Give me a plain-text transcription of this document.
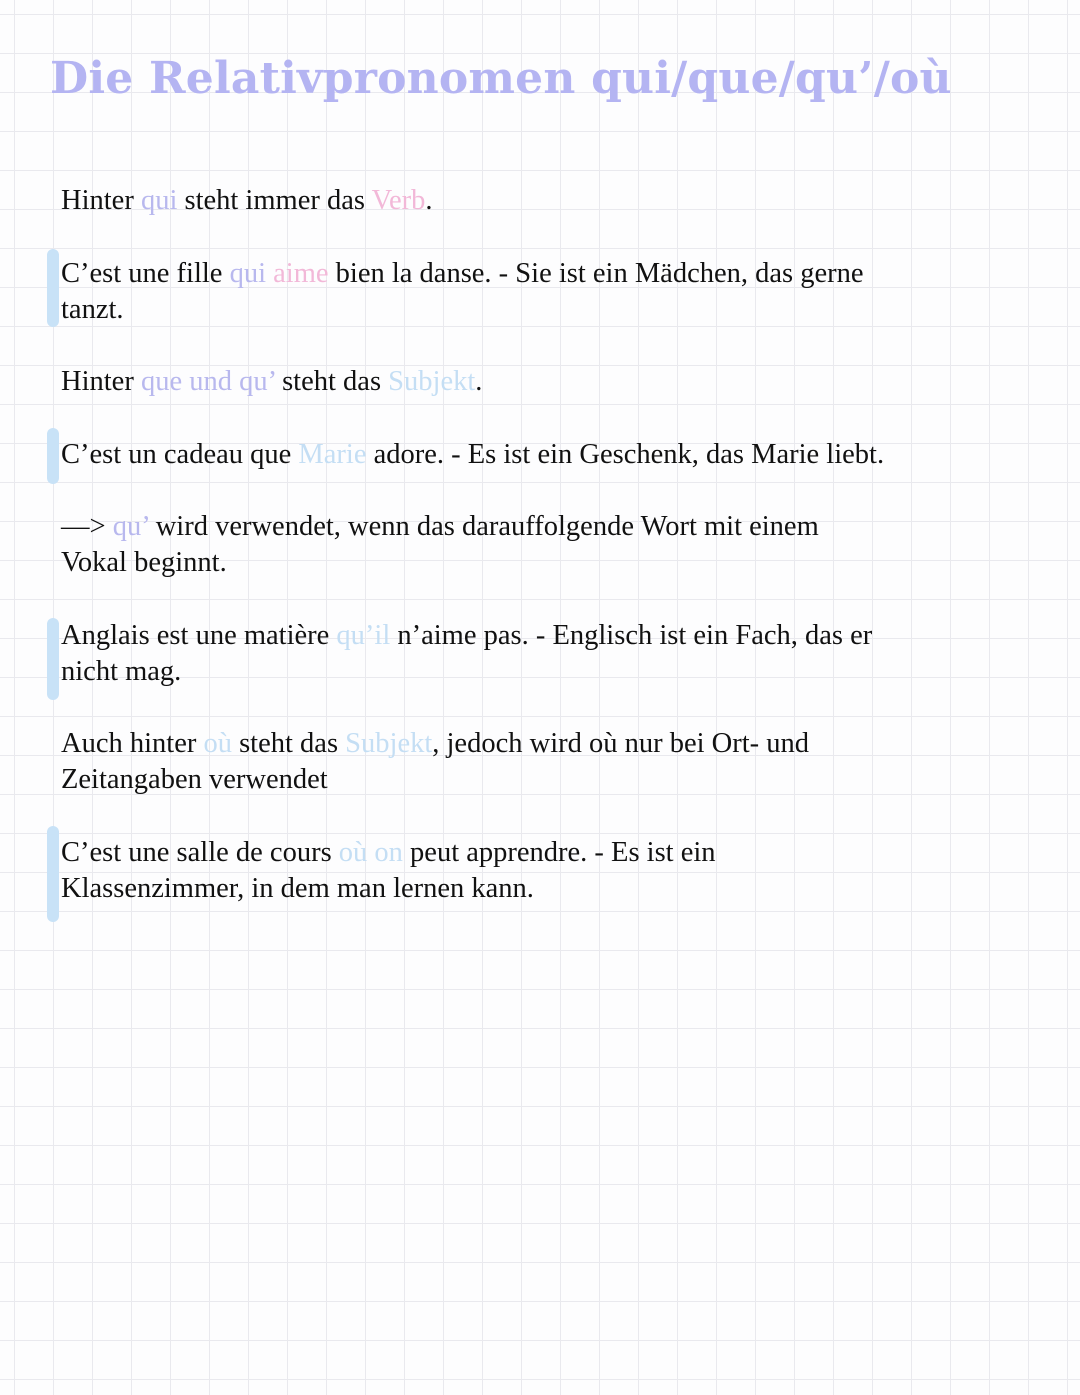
Die Relativpronomen qui/que/qu’/où

Hinter qui steht immer das Verb.

C’est une fille qui aime bien la danse. - Sie ist ein Mädchen, das gerne

tanzt.

Hinter que und qu’ steht das Subjekt.

C’est un cadeau que Marie adore. - Es ist ein Geschenk, das Marie liebt.

—> qu’ wird verwendet, wenn das darauffolgende Wort mit einem

Vokal beginnt.

Anglais est une matière qu’il n’aime pas. - Englisch ist ein Fach, das er

nicht mag.

Auch hinter où steht das Subjekt, jedoch wird où nur bei Ort- und

Zeitangaben verwendet

C’est une salle de cours où on peut apprendre. - Es ist ein

Klassenzimmer, in dem man lernen kann.
